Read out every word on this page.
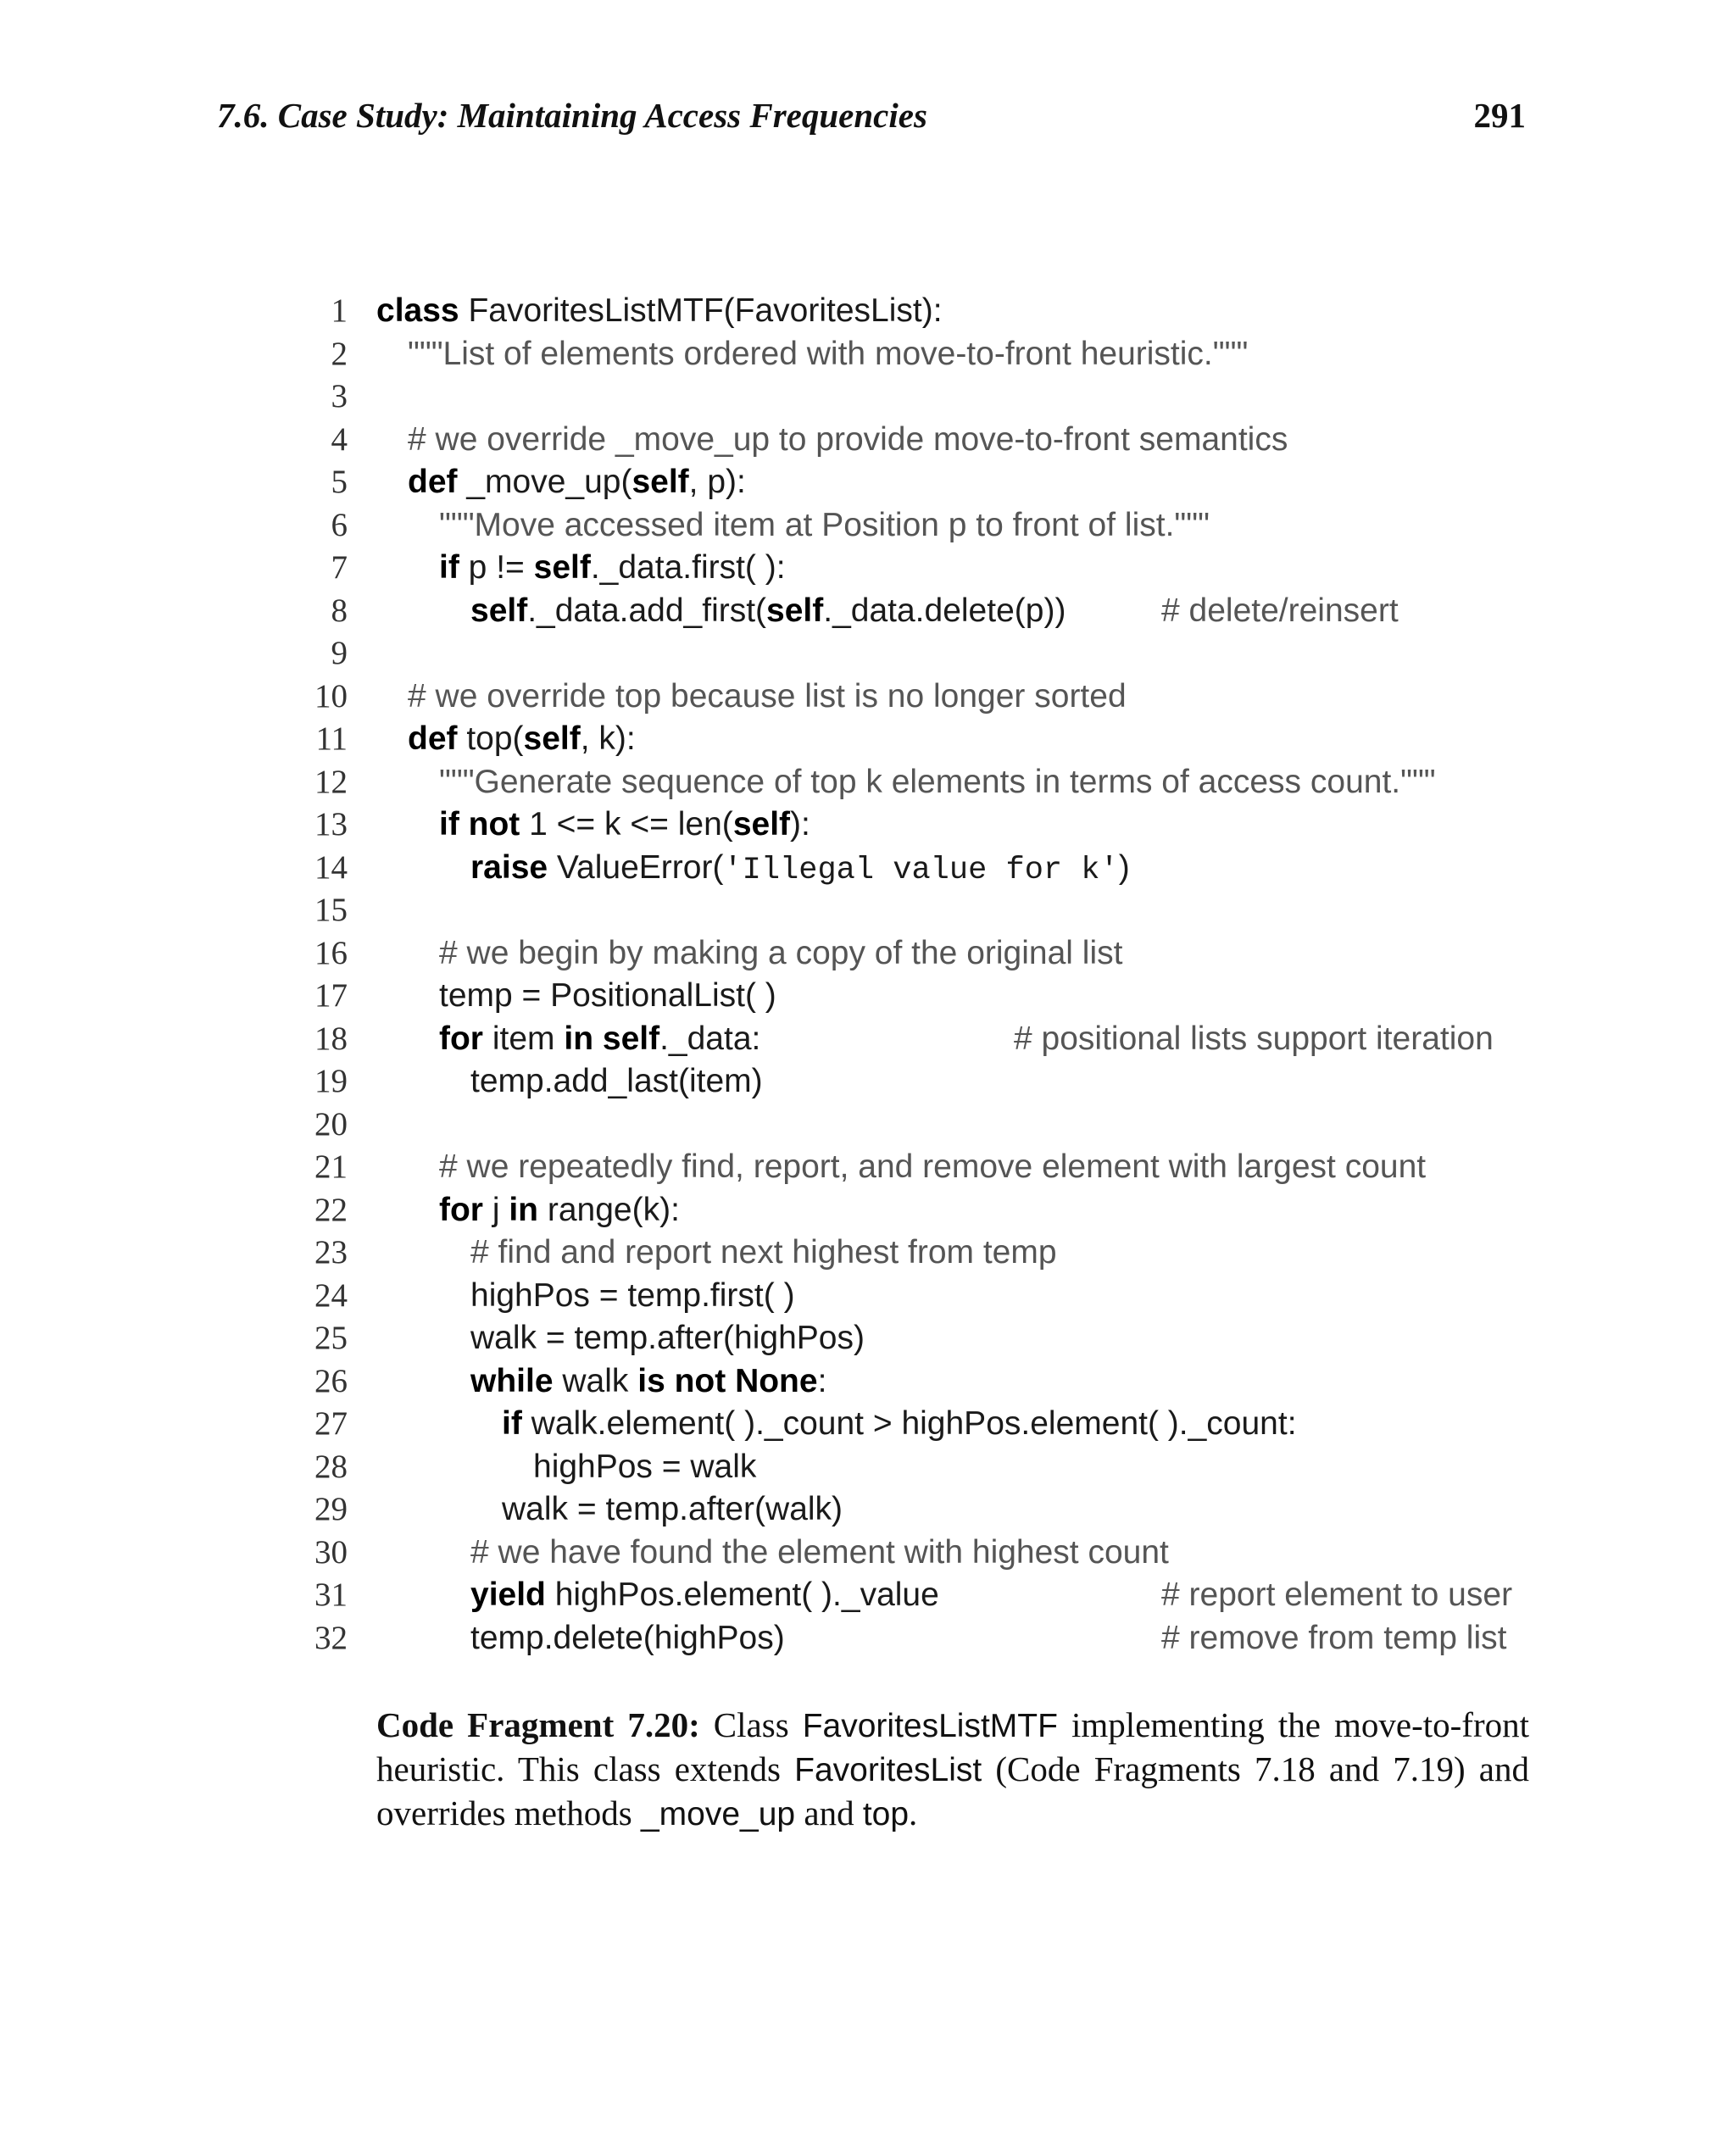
7.6. Case Study: Maintaining Access Frequencies	291
1 class FavoritesListMTF(FavoritesList):
2 """List of elements ordered with move-to-front heuristic."""
3
4 # we override _move_up to provide move-to-front semantics
5 def _move_up(self, p):
6	"""Move accessed item at Position p to front of list."""
7	if p != self._data.first( ):
8	self._data.add_first(self._data.delete(p))	# delete/reinsert
9
10 # we override top because list is no longer sorted
11 def top(self, k):
12	"""Generate sequence of top k elements in terms of access count."""
13	if not 1 <= k <= len(self):
14	raise ValueError('Illegal value for k')
15
16	# we begin by making a copy of the original list
17	temp = PositionalList( )
18	for item in self._data:	# positional lists support iteration
19	temp.add_last(item)
20
21	# we repeatedly find, report, and remove element with largest count
22	for j in range(k):
23	# find and report next highest from temp
24	highPos = temp.first( )
25	walk = temp.after(highPos)
26	while walk is not None:
27	if walk.element( )._count > highPos.element( )._count:
28	highPos = walk
29	walk = temp.after(walk)
30	# we have found the element with highest count
31	yield highPos.element( )._value	# report element to user
32	temp.delete(highPos)	# remove from temp list
Code Fragment 7.20: Class FavoritesListMTF implementing the move-to-front heuristic. This class extends FavoritesList (Code Fragments 7.18 and 7.19) and overrides methods _move_up and top.
